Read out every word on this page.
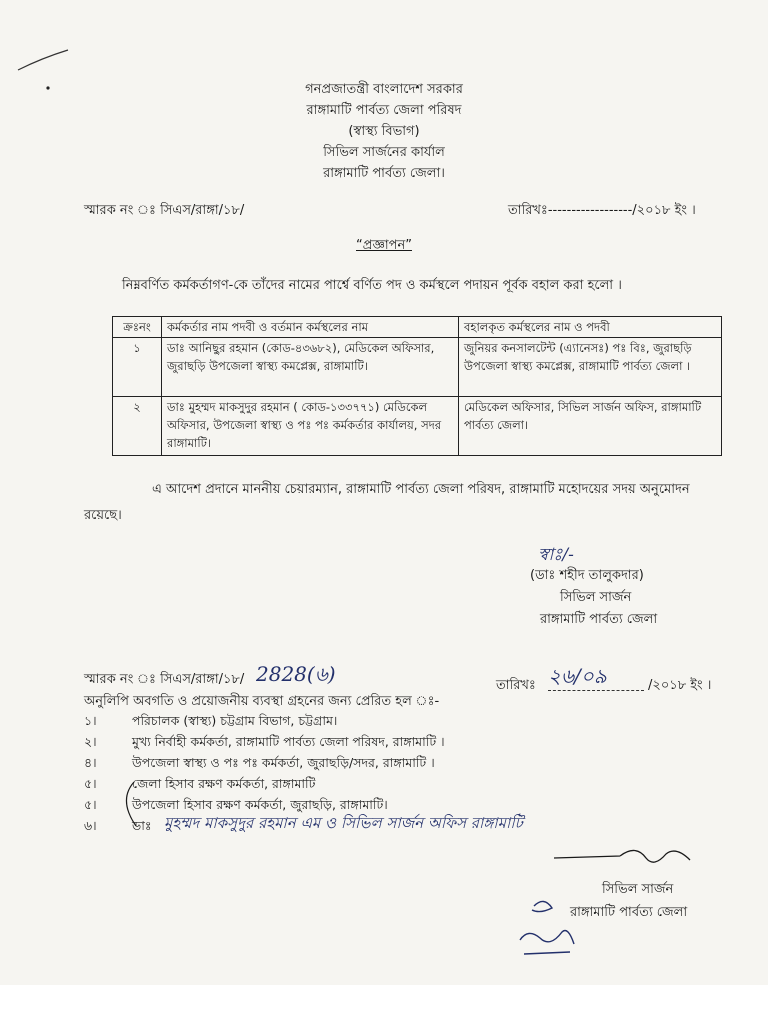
গনপ্রজাতন্ত্রী বাংলাদেশ সরকার
রাঙ্গামাটি পার্বত্য জেলা পরিষদ
(স্বাস্থ্য বিভাগ)
সিভিল সার্জনের কার্যাল
রাঙ্গামাটি পার্বত্য জেলা।
স্মারক নং ঃ সিএস/রাঙ্গা/১৮/	তারিখঃ------------------/২০১৮ ইং ।
“প্রজ্ঞাপন”
নিম্নবর্ণিত কর্মকর্তাগণ-কে তাঁদের নামের পার্শ্বে বর্ণিত পদ ও কর্মস্থলে পদায়ন পূর্বক বহাল করা হলো ।
ক্রঃনং	কর্মকর্তার নাম পদবী ও বর্তমান কর্মস্থলের নাম	বহালকৃত কর্মস্থলের নাম ও পদবী
১	ডাঃ আনিছুর রহমান (কোড-৪৩৬৮২), মেডিকেল অফিসার, জুরাছড়ি উপজেলা স্বাস্থ্য কমপ্লেক্স, রাঙ্গামাটি।	জুনিয়র কনসালটেন্ট (এ্যানেসঃ) পঃ বিঃ, জুরাছড়ি উপজেলা স্বাস্থ্য কমপ্লেক্স, রাঙ্গামাটি পার্বত্য জেলা ।
২	ডাঃ মুহম্মদ মাকসুদুর রহমান ( কোড-১৩৩৭৭১) মেডিকেল অফিসার, উপজেলা স্বাস্থ্য ও পঃ পঃ কর্মকর্তার কার্যালয়, সদর রাঙ্গামাটি।	মেডিকেল অফিসার, সিভিল সার্জন অফিস, রাঙ্গামাটি পার্বত্য জেলা।
এ আদেশ প্রদানে মাননীয় চেয়ারম্যান, রাঙ্গামাটি পার্বত্য জেলা পরিষদ, রাঙ্গামাটি মহোদয়ের সদয় অনুমোদন রয়েছে।
স্বাঃ/-
(ডাঃ শহীদ তালুকদার)
সিভিল সার্জন
রাঙ্গামাটি পার্বত্য জেলা
স্মারক নং ঃ সিএস/রাঙ্গা/১৮/ 2828(৬)	তারিখঃ ২৬/০৯	/২০১৮ ইং ।
অনুলিপি অবগতি ও প্রয়োজনীয় ব্যবস্থা গ্রহনের জন্য প্রেরিত হল ঃ-
১।	পরিচালক (স্বাস্থ্য) চট্টগ্রাম বিভাগ, চট্টগ্রাম।
২।	মুখ্য নির্বাহী কর্মকর্তা, রাঙ্গামাটি পার্বত্য জেলা পরিষদ, রাঙ্গামাটি ।
৪।	উপজেলা স্বাস্থ্য ও পঃ পঃ কর্মকর্তা, জুরাছড়ি/সদর, রাঙ্গামাটি ।
৫।	জেলা হিসাব রক্ষণ কর্মকর্তা, রাঙ্গামাটি
৫।	উপজেলা হিসাব রক্ষণ কর্মকর্তা, জুরাছড়ি, রাঙ্গামাটি।
৬।	ডাঃ মুহম্মদ মাকসুদুর রহমান এম ও সিভিল সার্জন অফিস রাঙ্গামাটি
সিভিল সার্জন
রাঙ্গামাটি পার্বত্য জেলা
